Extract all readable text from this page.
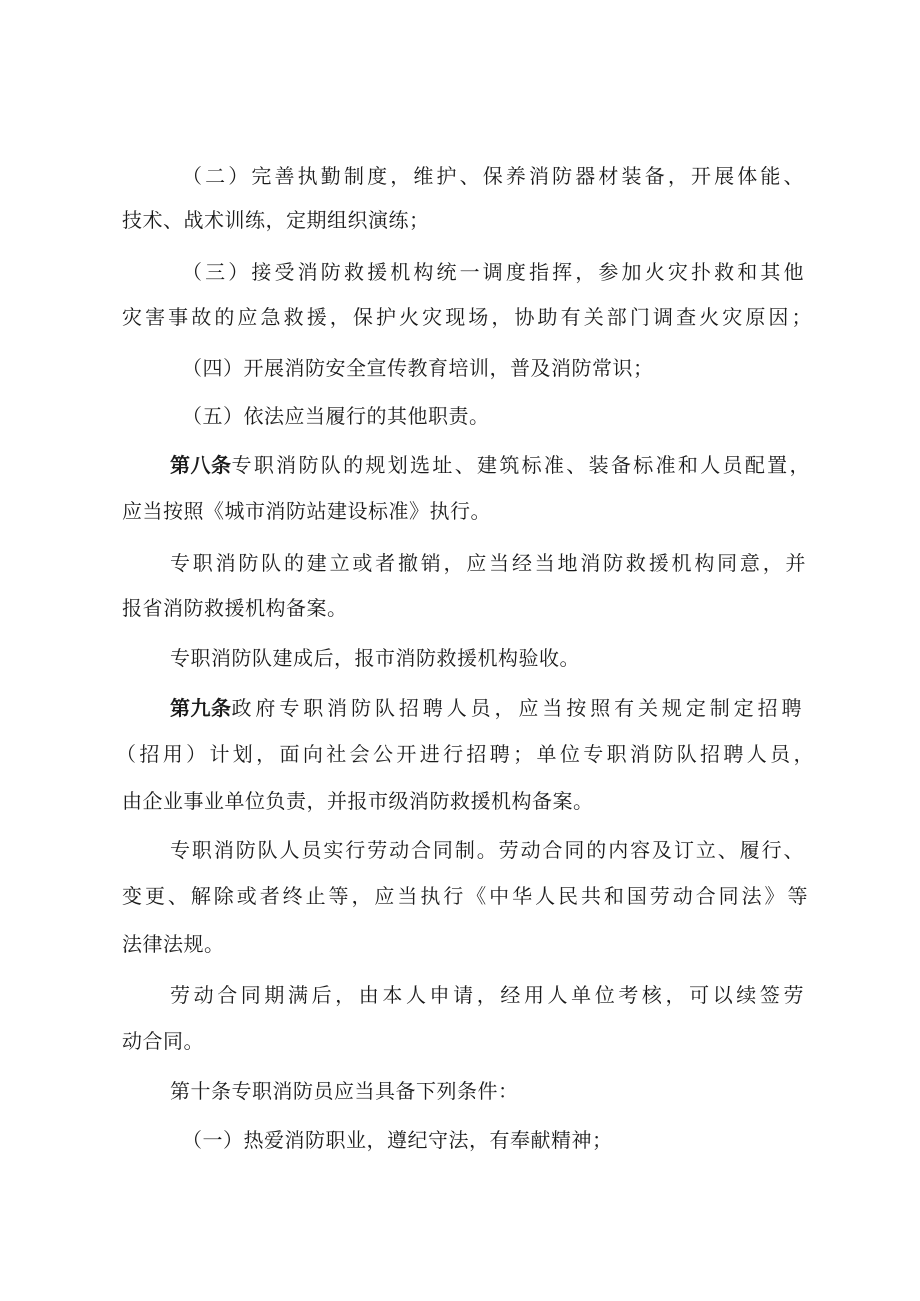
（二）完善执勤制度，维护、保养消防器材装备，开展体能、
技术、战术训练，定期组织演练；
（三）接受消防救援机构统一调度指挥，参加火灾扑救和其他
灾害事故的应急救援，保护火灾现场，协助有关部门调查火灾原因；
（四）开展消防安全宣传教育培训，普及消防常识；
（五）依法应当履行的其他职责。
第八条 专职消防队的规划选址、建筑标准、装备标准和人员配置，
应当按照《城市消防站建设标准》执行。
专职消防队的建立或者撤销，应当经当地消防救援机构同意，并
报省消防救援机构备案。
专职消防队建成后，报市消防救援机构验收。
第九条 政府专职消防队招聘人员，应当按照有关规定制定招聘
（招用）计划，面向社会公开进行招聘；单位专职消防队招聘人员，
由企业事业单位负责，并报市级消防救援机构备案。
专职消防队人员实行劳动合同制。劳动合同的内容及订立、履行、
变更、解除或者终止等，应当执行《中华人民共和国劳动合同法》等
法律法规。
劳动合同期满后，由本人申请，经用人单位考核，可以续签劳
动合同。
第十条专职消防员应当具备下列条件：
（一）热爱消防职业，遵纪守法，有奉献精神；
